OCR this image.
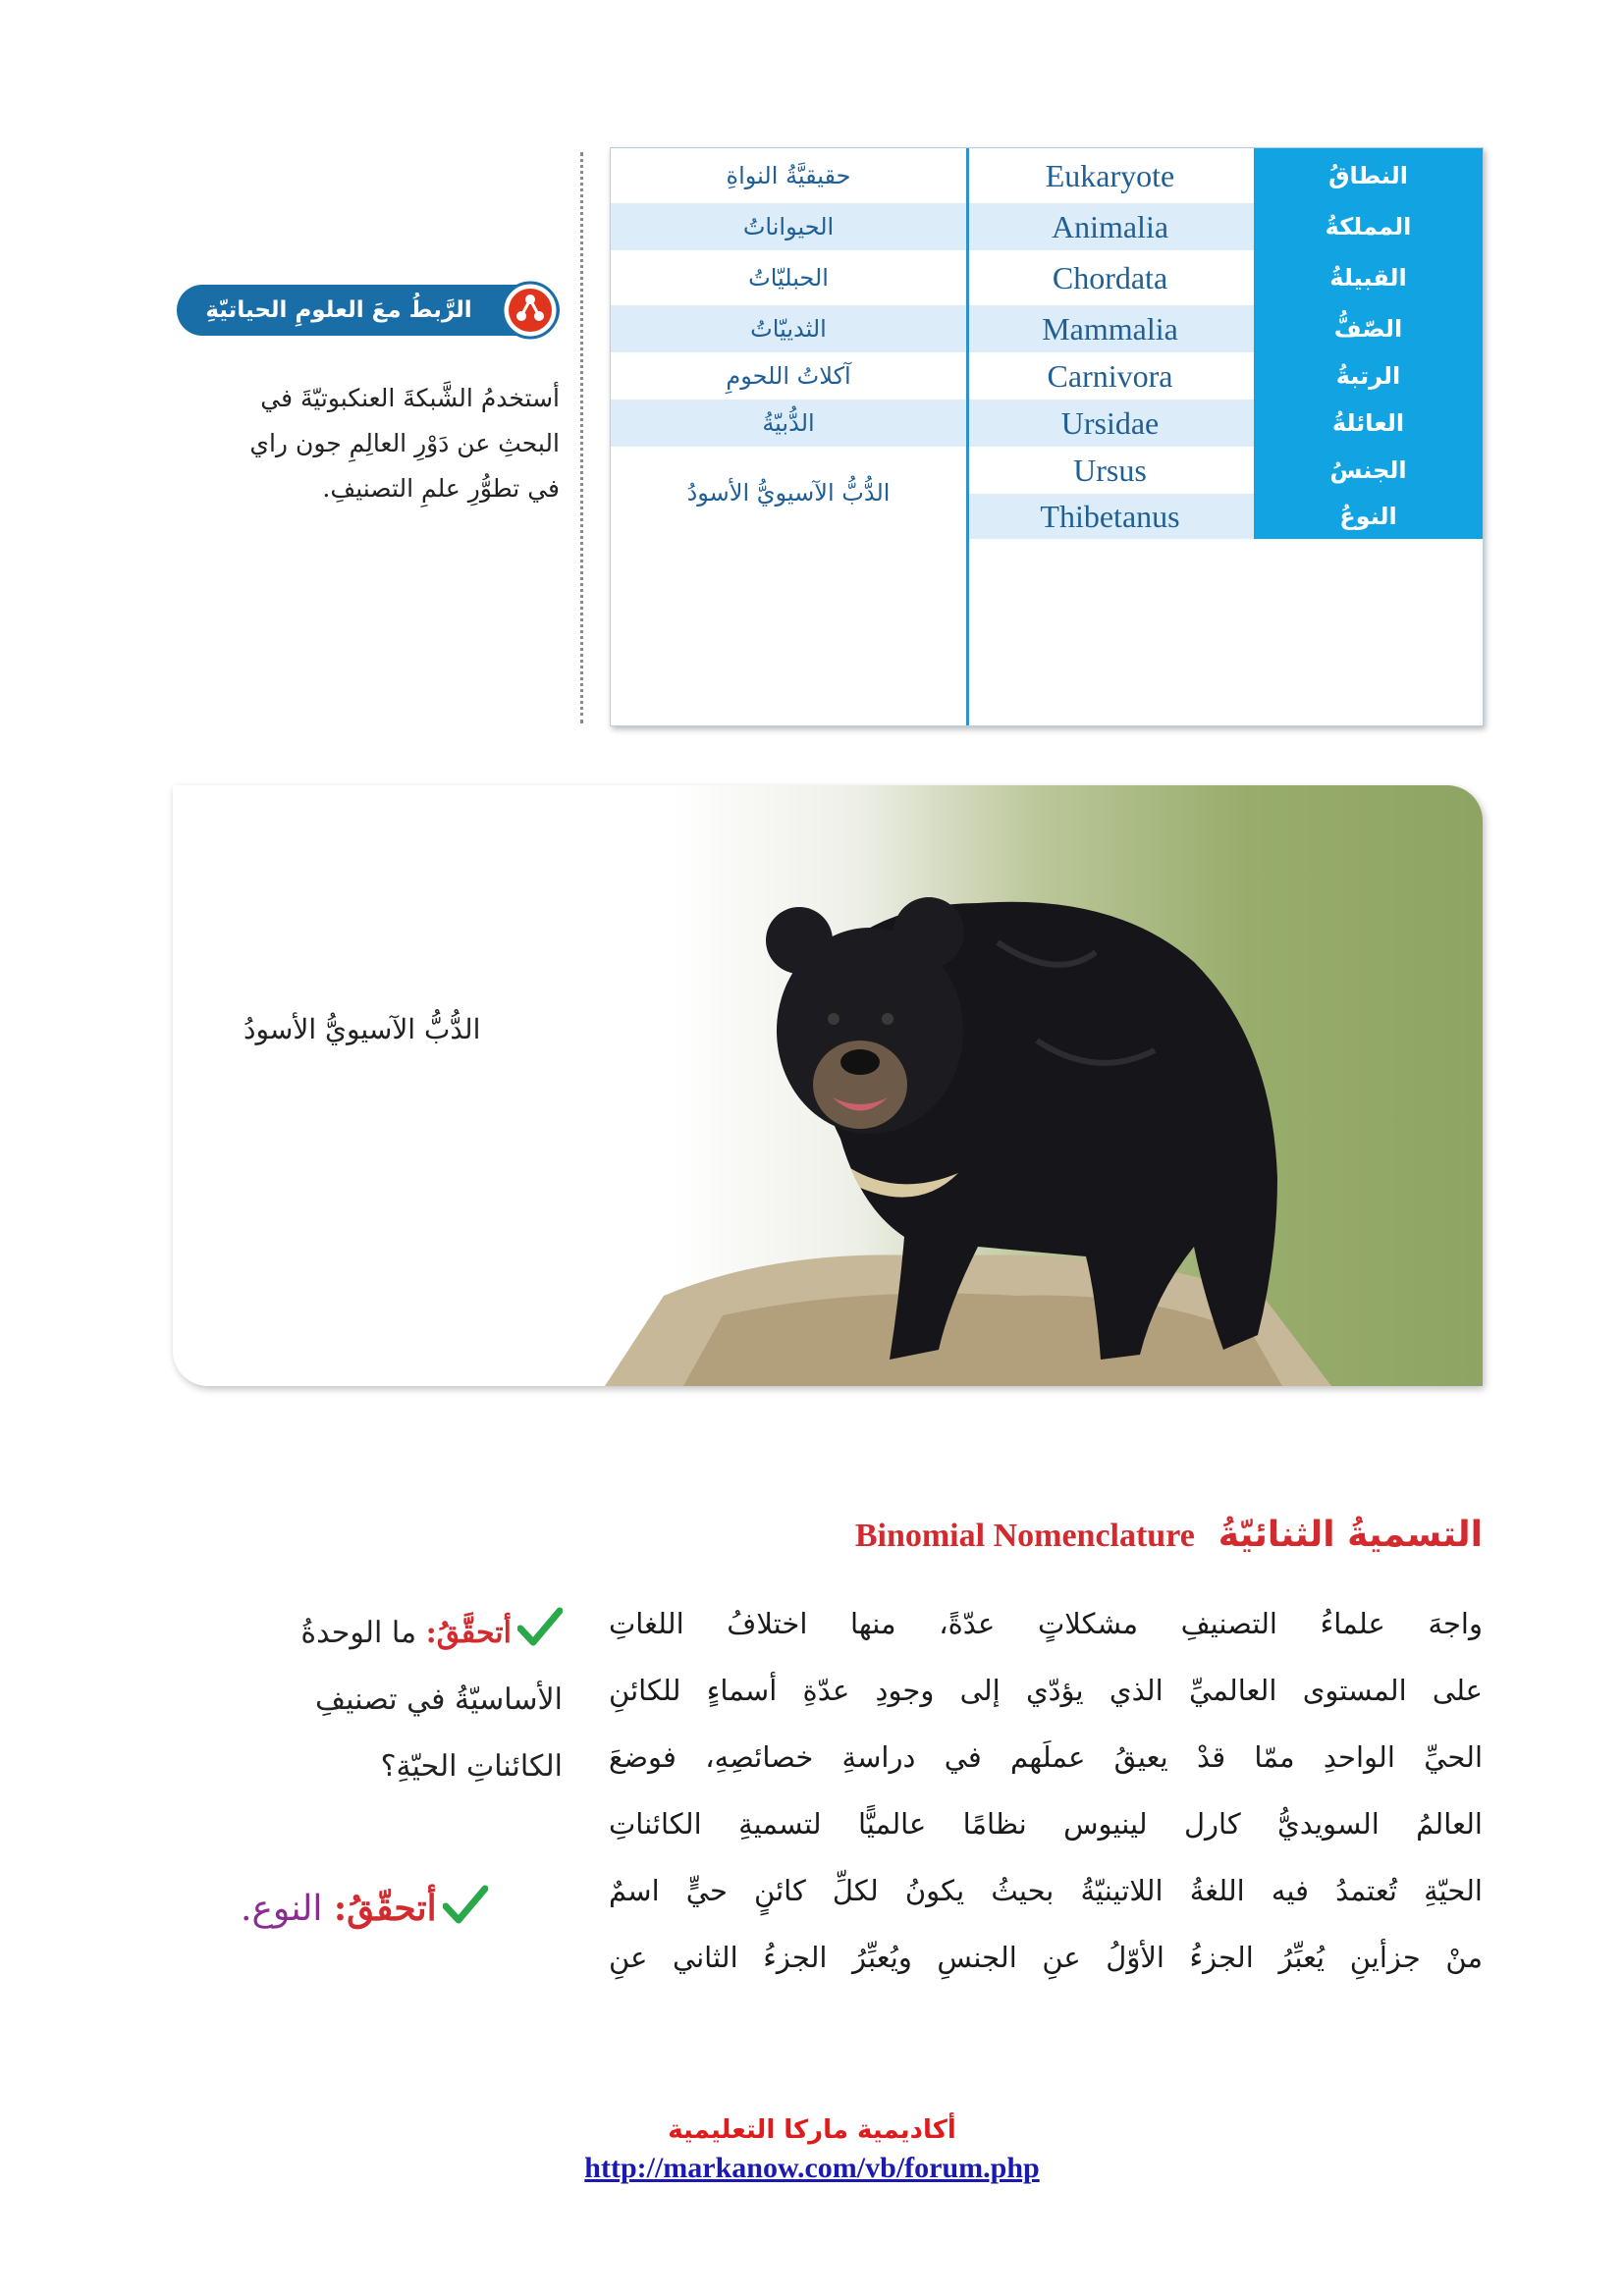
النطاقُ
Eukaryote
حقيقيَّةُ النواةِ
المملكةُ
Animalia
الحيواناتُ
القبيلةُ
Chordata
الحبليّاتُ
الصّفُّ
Mammalia
الثدييّاتُ
الرتبةُ
Carnivora
آكلاتُ اللحومِ
العائلةُ
Ursidae
الدُّبيّةُ
الجنسُ
Ursus
النوعُ
Thibetanus
الدُّبُّ الآسيويُّ الأسودُ
الرَّبطُ معَ العلومِ الحياتيّةِ
أستخدمُ الشَّبكةَ العنكبوتيّةَ في
البحثِ عن دَوْرِ العالِمِ جون راي
في تطوُّرِ علمِ التصنيفِ.
الدُّبُّ الآسيويُّ الأسودُ
التسميةُ الثنائيّةُ
Binomial Nomenclature
واجهَ علماءُ التصنيفِ مشكلاتٍ عدّةً، منها اختلافُ اللغاتِ
على المستوى العالميِّ الذي يؤدّي إلى وجودِ عدّةِ أسماءٍ للكائنِ
الحيِّ الواحدِ ممّا قدْ يعيقُ عملَهم في دراسةِ خصائصِهِ، فوضعَ
العالمُ السويديُّ كارل لينيوس نظامًا عالميًّا لتسميةِ الكائناتِ
الحيّةِ تُعتمدُ فيه اللغةُ اللاتينيّةُ بحيثُ يكونُ لكلِّ كائنٍ حيٍّ اسمٌ
منْ جزأينِ يُعبِّرُ الجزءُ الأوّلُ عنِ الجنسِ ويُعبِّرُ الجزءُ الثاني عنِ
أتحقَّقُ: ما الوحدةُ
الأساسيّةُ في تصنيفِ
الكائناتِ الحيّةِ؟
أتحقّقُ: النوع.
أكاديمية ماركا التعليمية
http://markanow.com/vb/forum.php
